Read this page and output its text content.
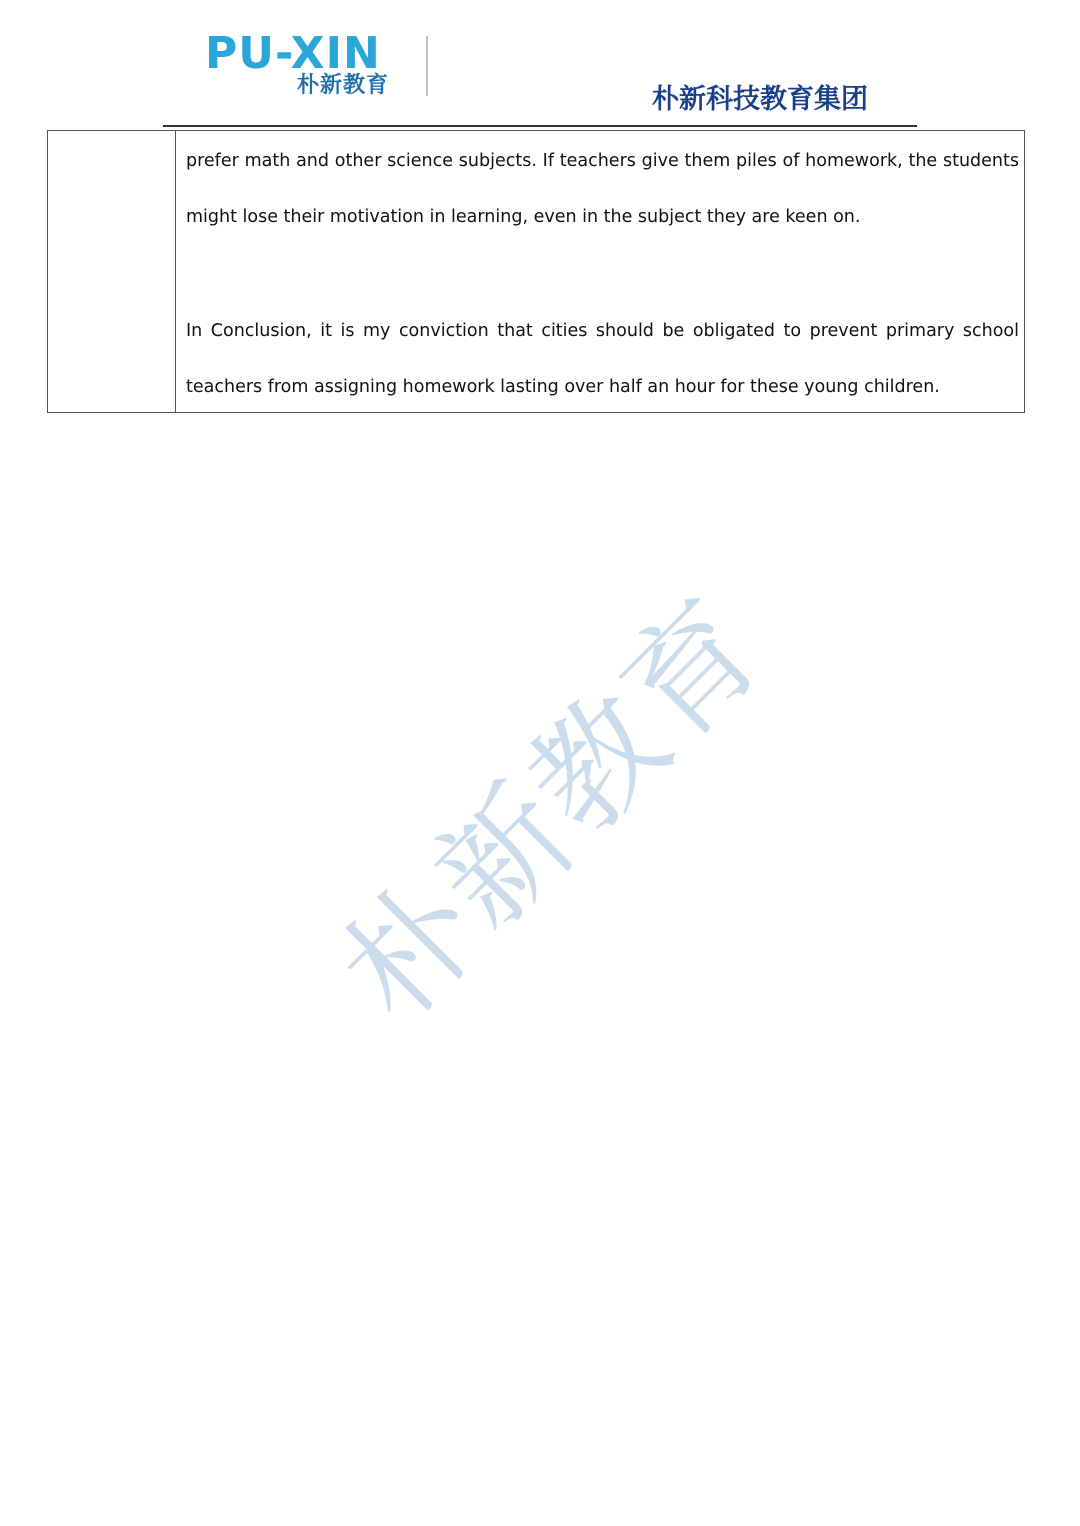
PU-XIN
朴新教育	朴新科技教育集团

prefer math and other science subjects. If teachers give them piles of homework, the students might lose their motivation in learning, even in the subject they are keen on.

In Conclusion, it is my conviction that cities should be obligated to prevent primary school teachers from assigning homework lasting over half an hour for these young children.

朴新教育
